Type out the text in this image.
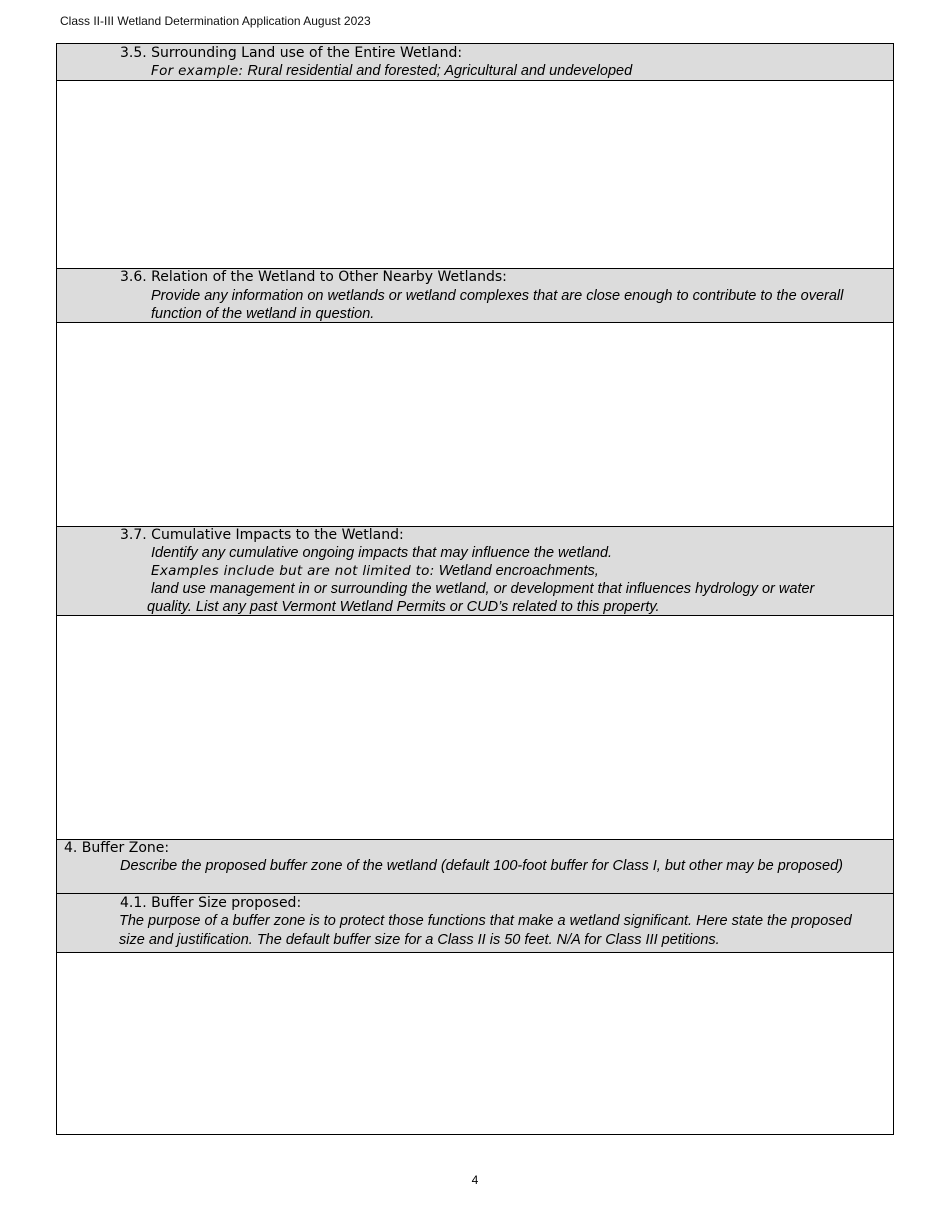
Class II-III Wetland Determination Application August 2023
3.5. Surrounding Land use of the Entire Wetland:
For example: Rural residential and forested; Agricultural and undeveloped
3.6. Relation of the Wetland to Other Nearby Wetlands:
Provide any information on wetlands or wetland complexes that are close enough to contribute to the overall function of the wetland in question.
3.7. Cumulative Impacts to the Wetland:
Identify any cumulative ongoing impacts that may influence the wetland.
Examples include but are not limited to: Wetland encroachments,
land use management in or surrounding the wetland, or development that influences hydrology or water
quality. List any past Vermont Wetland Permits or CUD’s related to this property.
4. Buffer Zone:
Describe the proposed buffer zone of the wetland (default 100-foot buffer for Class I, but other may be proposed)
4.1. Buffer Size proposed:
The purpose of a buffer zone is to protect those functions that make a wetland significant. Here state the proposed size and justification. The default buffer size for a Class II is 50 feet. N/A for Class III petitions.
4
